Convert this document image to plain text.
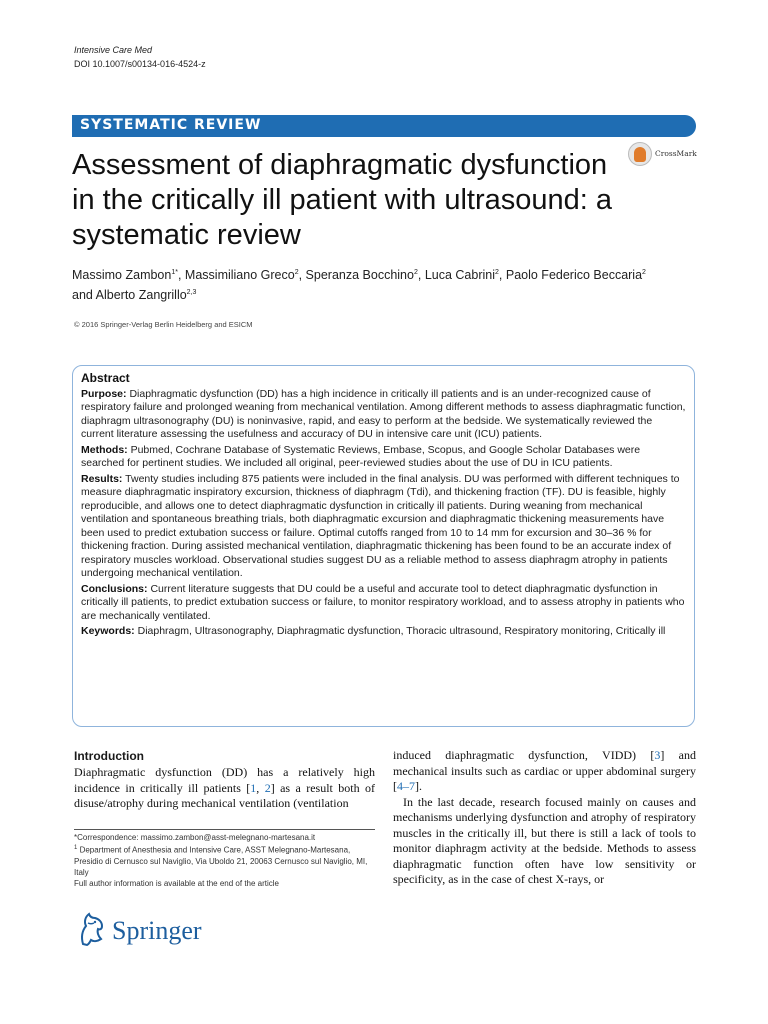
Intensive Care Med
DOI 10.1007/s00134-016-4524-z
SYSTEMATIC REVIEW
CrossMark
Assessment of diaphragmatic dysfunction in the critically ill patient with ultrasound: a systematic review
Massimo Zambon$^{1*}$, Massimiliano Greco$^2$, Speranza Bocchino$^2$, Luca Cabrini$^2$, Paolo Federico Beccaria$^2$
and Alberto Zangrillo$^{2,3}$
© 2016 Springer-Verlag Berlin Heidelberg and ESICM
Abstract

Purpose: Diaphragmatic dysfunction (DD) has a high incidence in critically ill patients and is an under-recognized cause of respiratory failure and prolonged weaning from mechanical ventilation. Among different methods to assess diaphragmatic function, diaphragm ultrasonography (DU) is noninvasive, rapid, and easy to perform at the bedside. We systematically reviewed the current literature assessing the usefulness and accuracy of DU in intensive care unit (ICU) patients.

Methods: Pubmed, Cochrane Database of Systematic Reviews, Embase, Scopus, and Google Scholar Databases were searched for pertinent studies. We included all original, peer-reviewed studies about the use of DU in ICU patients.

Results: Twenty studies including 875 patients were included in the final analysis. DU was performed with different techniques to measure diaphragmatic inspiratory excursion, thickness of diaphragm (Tdi), and thickening fraction (TF). DU is feasible, highly reproducible, and allows one to detect diaphragmatic dysfunction in critically ill patients. During weaning from mechanical ventilation and spontaneous breathing trials, both diaphragmatic excursion and diaphragmatic thickening measurements have been used to predict extubation success or failure. Optimal cutoffs ranged from 10 to 14 mm for excursion and 30–36 % for thickening fraction. During assisted mechanical ventilation, diaphragmatic thickening has been found to be an accurate index of respiratory muscles workload. Observational studies suggest DU as a reliable method to assess diaphragm atrophy in patients undergoing mechanical ventilation.

Conclusions: Current literature suggests that DU could be a useful and accurate tool to detect diaphragmatic dysfunction in critically ill patients, to predict extubation success or failure, to monitor respiratory workload, and to assess atrophy in patients who are mechanically ventilated.

Keywords: Diaphragm, Ultrasonography, Diaphragmatic dysfunction, Thoracic ultrasound, Respiratory monitoring, Critically ill

Introduction
Diaphragmatic dysfunction (DD) has a relatively high incidence in critically ill patients [1, 2] as a result both of disuse/atrophy during mechanical ventilation (ventilation

induced diaphragmatic dysfunction, VIDD) [3] and mechanical insults such as cardiac or upper abdominal surgery [4–7].

In the last decade, research focused mainly on causes and mechanisms underlying dysfunction and atrophy of respiratory muscles in the critically ill, but there is still a lack of tools to monitor diaphragm activity at the bedside. Methods to assess diaphragmatic function often have low sensitivity or specificity, as in the case of chest X-rays, or

*Correspondence: massimo.zambon@asst-melegnano-martesana.it
$^1$ Department of Anesthesia and Intensive Care, ASST Melegnano-Martesana, Presidio di Cernusco sul Naviglio, Via Uboldo 21, 20063 Cernusco sul Naviglio, MI, Italy
Full author information is available at the end of the article
Springer
